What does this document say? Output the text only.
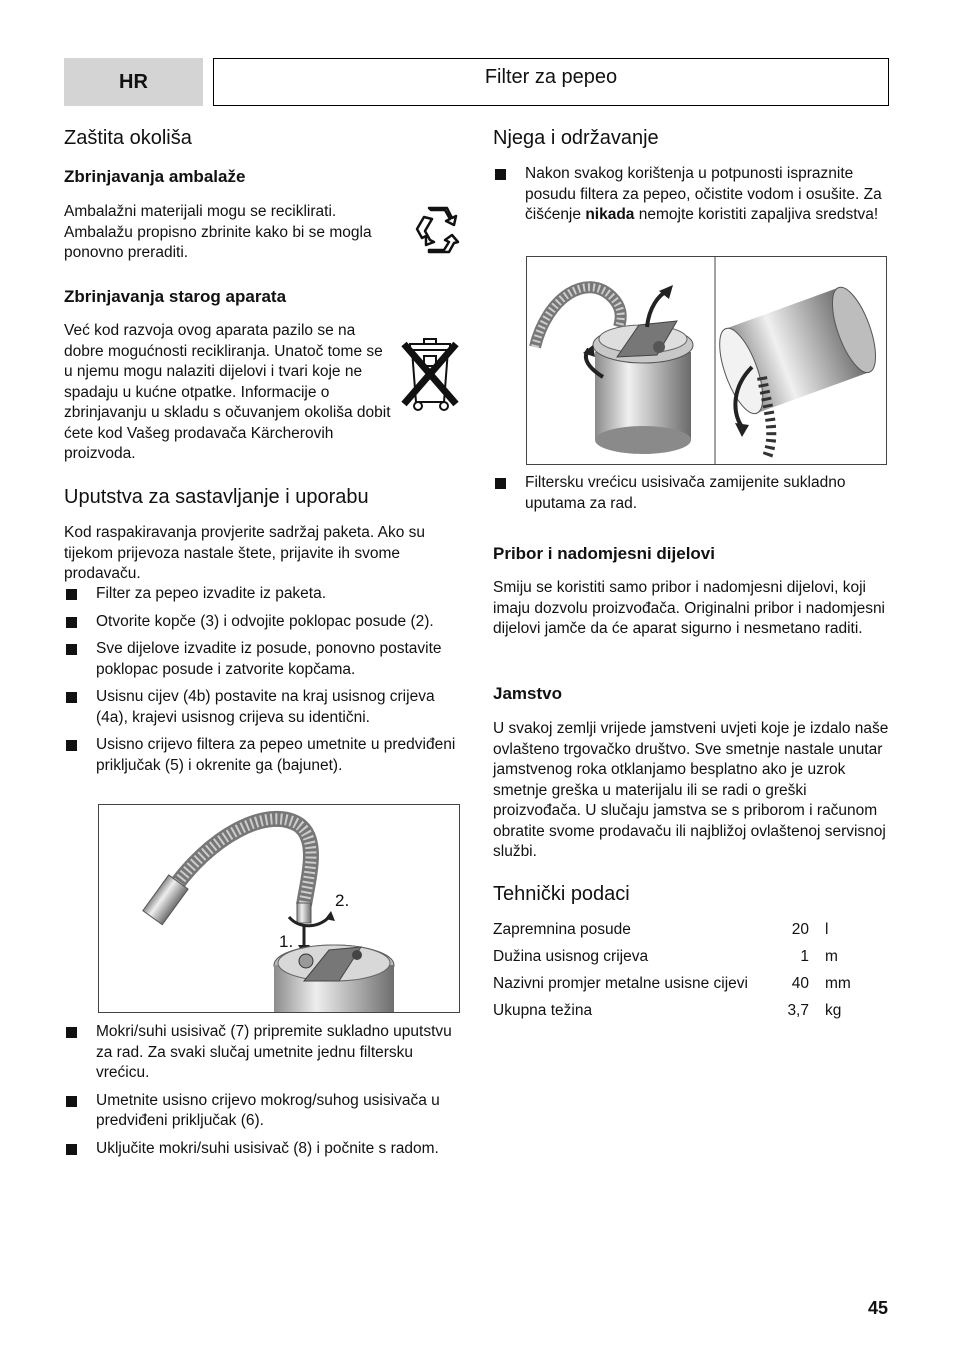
HR	Filter za pepeo
Zaštita okoliša
Zbrinjavanja ambalaže
Ambalažni materijali mogu se reciklirati. Ambalažu propisno zbrinite kako bi se mogla ponovno preraditi.
Zbrinjavanja starog aparata
Već kod razvoja ovog aparata pazilo se na dobre mogućnosti recikliranja. Unatoč tome se u njemu mogu nalaziti dijelovi i tvari koje ne spadaju u kućne otpatke. Informacije o zbrinjavanju u skladu s očuvanjem okoliša dobit ćete kod Vašeg prodavača Kärcherovih proizvoda.
Uputstva za sastavljanje i uporabu
Kod raspakiravanja provjerite sadržaj paketa. Ako su tijekom prijevoza nastale štete, prijavite ih svome prodavaču.
Filter za pepeo izvadite iz paketa.
Otvorite kopče (3) i odvojite poklopac posude (2).
Sve dijelove izvadite iz posude, ponovno postavite poklopac posude i zatvorite kopčama.
Usisnu cijev (4b) postavite na kraj usisnog crijeva (4a), krajevi usisnog crijeva su identični.
Usisno crijevo filtera za pepeo umetnite u predviđeni priključak (5) i okrenite ga (bajunet).
2.
1.
Mokri/suhi usisivač (7) pripremite sukladno uputstvu za rad. Za svaki slučaj umetnite jednu filtersku vrećicu.
Umetnite usisno crijevo mokrog/suhog usisivača u predviđeni priključak (6).
Uključite mokri/suhi usisivač (8) i počnite s radom.
Njega i održavanje
Nakon svakog korištenja u potpunosti ispraznite posudu filtera za pepeo, očistite vodom i osušite. Za čišćenje nikada nemojte koristiti zapaljiva sredstva!
Filtersku vrećicu usisivača zamijenite sukladno uputama za rad.
Pribor i nadomjesni dijelovi
Smiju se koristiti samo pribor i nadomjesni dijelovi, koji imaju dozvolu proizvođača. Originalni pribor i nadomjesni dijelovi jamče da će aparat sigurno i nesmetano raditi.
Jamstvo
U svakoj zemlji vrijede jamstveni uvjeti koje je izdalo naše ovlašteno trgovačko društvo. Sve smetnje nastale unutar jamstvenog roka otklanjamo besplatno ako je uzrok smetnje greška u materijalu ili se radi o greški proizvođača. U slučaju jamstva se s priborom i računom obratite svome prodavaču ili najbližoj ovlaštenoj servisnoj službi.
Tehnički podaci
Zapremnina posude	20	l
Dužina usisnog crijeva	1	m
Nazivni promjer metalne usisne cijevi	40	mm
Ukupna težina	3,7	kg
45
